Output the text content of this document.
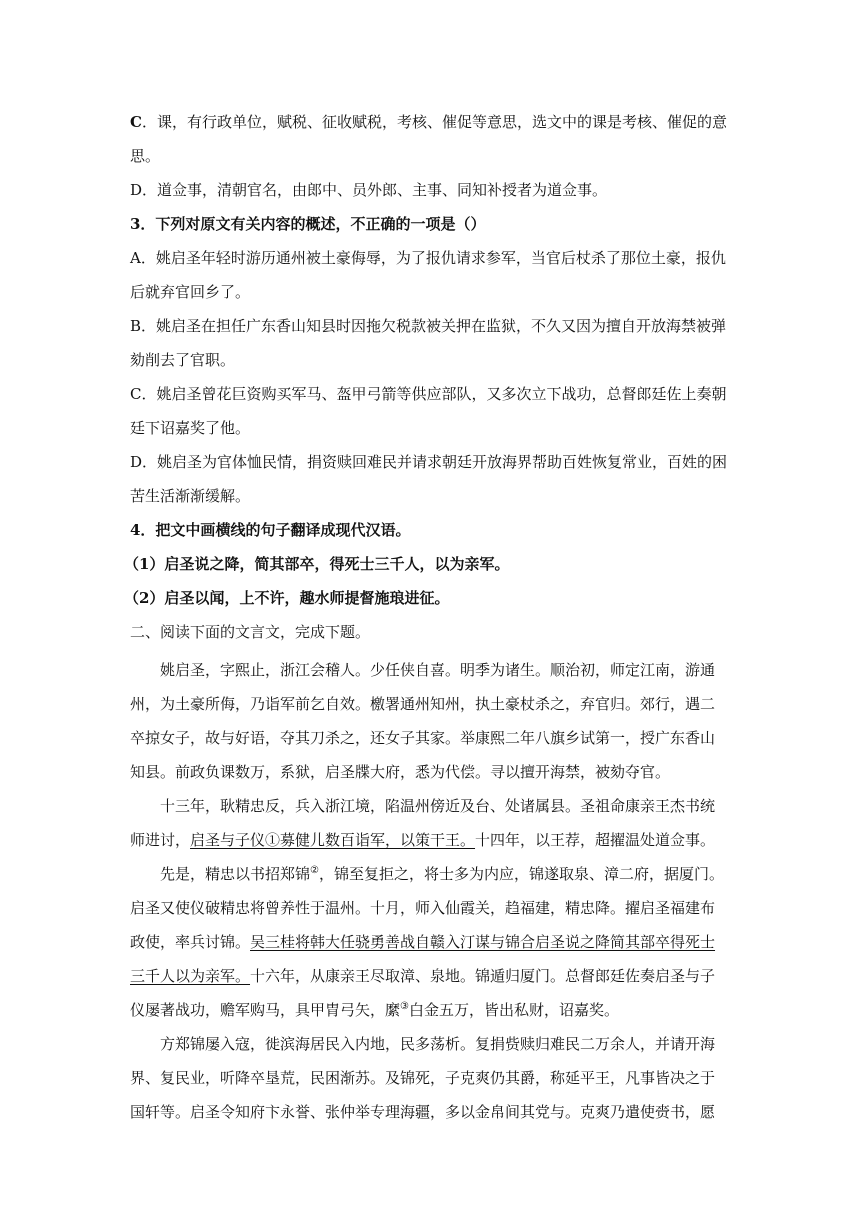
C．课，有行政单位，赋税、征收赋税，考核、催促等意思，选文中的课是考核、催促的意
思。
D．道佥事，清朝官名，由郎中、员外郎、主事、同知补授者为道佥事。
3．下列对原文有关内容的概述，不正确的一项是（）
A．姚启圣年轻时游历通州被土豪侮辱，为了报仇请求参军，当官后杖杀了那位土豪，报仇
后就弃官回乡了。
B．姚启圣在担任广东香山知县时因拖欠税款被关押在监狱，不久又因为擅自开放海禁被弹
劾削去了官职。
C．姚启圣曾花巨资购买军马、盔甲弓箭等供应部队，又多次立下战功，总督郎廷佐上奏朝
廷下诏嘉奖了他。
D．姚启圣为官体恤民情，捐资赎回难民并请求朝廷开放海界帮助百姓恢复常业，百姓的困
苦生活渐渐缓解。
4．把文中画横线的句子翻译成现代汉语。
（1）启圣说之降，简其部卒，得死士三千人，以为亲军。
（2）启圣以闻，上不许，趣水师提督施琅进征。
二、阅读下面的文言文，完成下题。
姚启圣，字熙止，浙江会稽人。少任侠自喜。明季为诸生。顺治初，师定江南，游通
州，为土豪所侮，乃诣军前乞自效。檄署通州知州，执土豪杖杀之，弃官归。郊行，遇二
卒掠女子，故与好语，夺其刀杀之，还女子其家。举康熙二年八旗乡试第一，授广东香山
知县。前政负课数万，系狱，启圣牒大府，悉为代偿。寻以擅开海禁，被劾夺官。
十三年，耿精忠反，兵入浙江境，陷温州傍近及台、处诸属县。圣祖命康亲王杰书统
师进讨，启圣与子仪①募健儿数百诣军，以策干王。十四年，以王荐，超擢温处道佥事。
先是，精忠以书招郑锦②，锦至复拒之，将士多为内应，锦遂取泉、漳二府，据厦门。
启圣又使仪破精忠将曾养性于温州。十月，师入仙霞关，趋福建，精忠降。擢启圣福建布
政使，率兵讨锦。吴三桂将韩大任骁勇善战自赣入汀谋与锦合启圣说之降简其部卒得死士
三千人以为亲军。十六年，从康亲王尽取漳、泉地。锦遁归厦门。总督郎廷佐奏启圣与子
仪屡著战功，赡军购马，具甲胄弓矢，縻③白金五万，皆出私财，诏嘉奖。
方郑锦屡入寇，徙滨海居民入内地，民多荡析。复捐赀赎归难民二万余人，并请开海
界、复民业，听降卒垦荒，民困渐苏。及锦死，子克爽仍其爵，称延平王，凡事皆决之于
国轩等。启圣令知府卞永誉、张仲举专理海疆，多以金帛间其党与。克爽乃遣使赍书，愿
